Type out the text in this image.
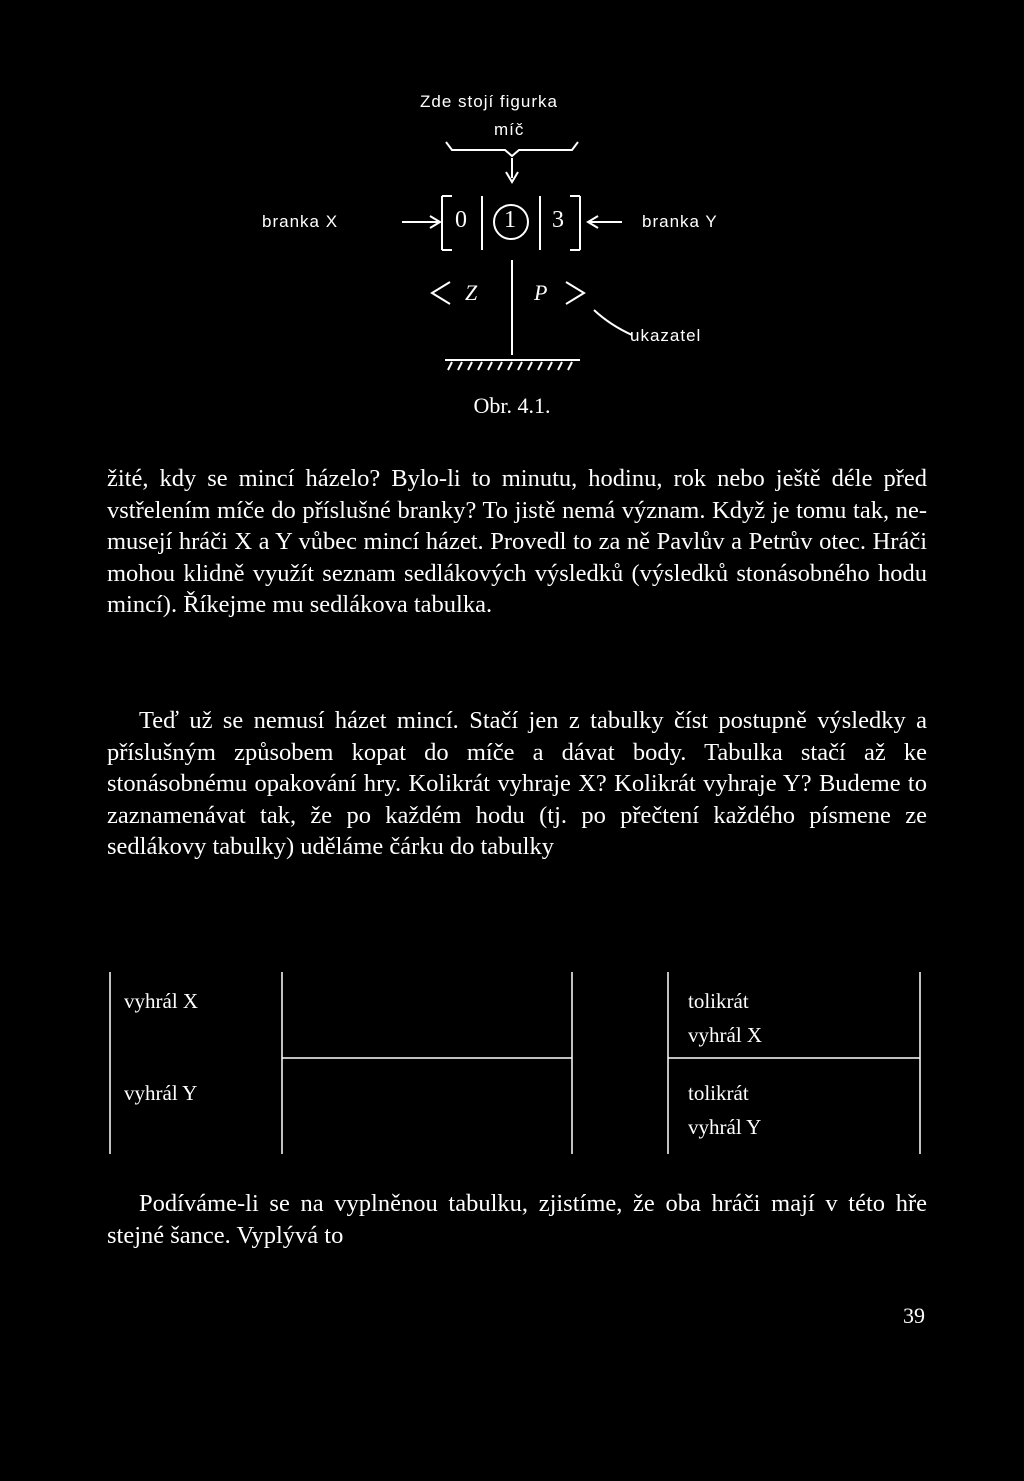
Zde stojí figurka
míč
branka X	branka Y
0 1 3
Z	P
ukazatel
Obr. 4.1.
žité, kdy se mincí házelo? Bylo-li to minutu, hodinu, rok nebo ještě déle před vstřelením míče do příslušné branky? To jistě nemá význam. Když je tomu tak, ne- musejí hráči X a Y vůbec mincí házet. Provedl to za ně Pavlův a Petrův otec. Hráči mohou klidně využít seznam sedlákových výsledků (výsledků stonásobného hodu mincí). Říkejme mu sedlákova tabulka.
Teď už se nemusí házet mincí. Stačí jen z tabulky číst postupně výsledky a příslušným způsobem kopat do míče a dávat body. Tabulka stačí až ke stonásobnému opakování hry. Kolikrát vyhraje X? Kolikrát vyhraje Y? Budeme to zaznamenávat tak, že po každém hodu (tj. po přečtení každého písmene ze sedlákovy tabulky) uděláme čárku do tabulky
vyhrál X
vyhrál Y
tolikrát
vyhrál X
tolikrát
vyhrál Y
Podíváme-li se na vyplněnou tabulku, zjistíme, že oba hráči mají v této hře stejné šance. Vyplývá to
39
